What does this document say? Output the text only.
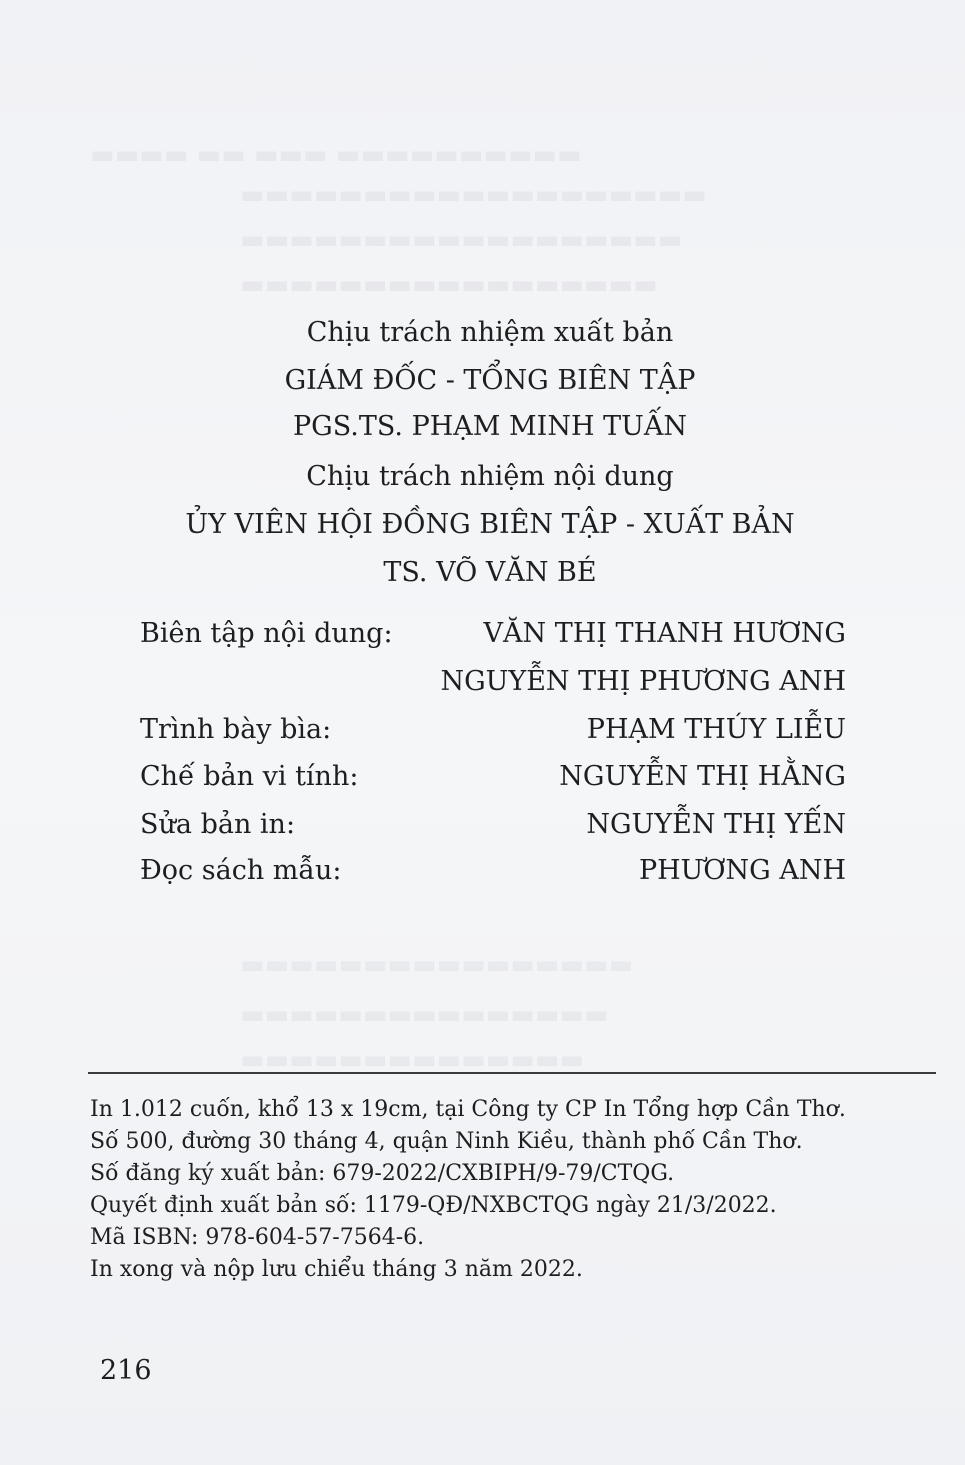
▬▬▬▬ ▬▬ ▬▬▬ ▬▬▬▬▬▬▬▬▬▬
▬▬▬▬▬▬▬▬▬▬▬▬▬▬▬▬▬▬▬
▬▬▬▬▬▬▬▬▬▬▬▬▬▬▬▬▬▬
▬▬▬▬▬▬▬▬▬▬▬▬▬▬▬▬▬
▬▬▬▬▬▬▬▬▬▬▬▬▬▬▬▬
▬▬▬▬▬▬▬▬▬▬▬▬▬▬▬
▬▬▬▬▬▬▬▬▬▬▬▬▬▬
Chịu trách nhiệm xuất bản
GIÁM ĐỐC - TỔNG BIÊN TẬP
PGS.TS. PHẠM MINH TUẤN
Chịu trách nhiệm nội dung
ỦY VIÊN HỘI ĐỒNG BIÊN TẬP - XUẤT BẢN
TS. VÕ VĂN BÉ
Biên tập nội dung:	VĂN THỊ THANH HƯƠNG
NGUYỄN THỊ PHƯƠNG ANH
Trình bày bìa:	PHẠM THÚY LIỄU
Chế bản vi tính:	NGUYỄN THỊ HẰNG
Sửa bản in:	NGUYỄN THỊ YẾN
Đọc sách mẫu:	PHƯƠNG ANH
In 1.012 cuốn, khổ 13 x 19cm, tại Công ty CP In Tổng hợp Cần Thơ.
Số 500, đường 30 tháng 4, quận Ninh Kiều, thành phố Cần Thơ.
Số đăng ký xuất bản: 679-2022/CXBIPH/9-79/CTQG.
Quyết định xuất bản số: 1179-QĐ/NXBCTQG ngày 21/3/2022.
Mã ISBN: 978-604-57-7564-6.
In xong và nộp lưu chiểu tháng 3 năm 2022.
216
